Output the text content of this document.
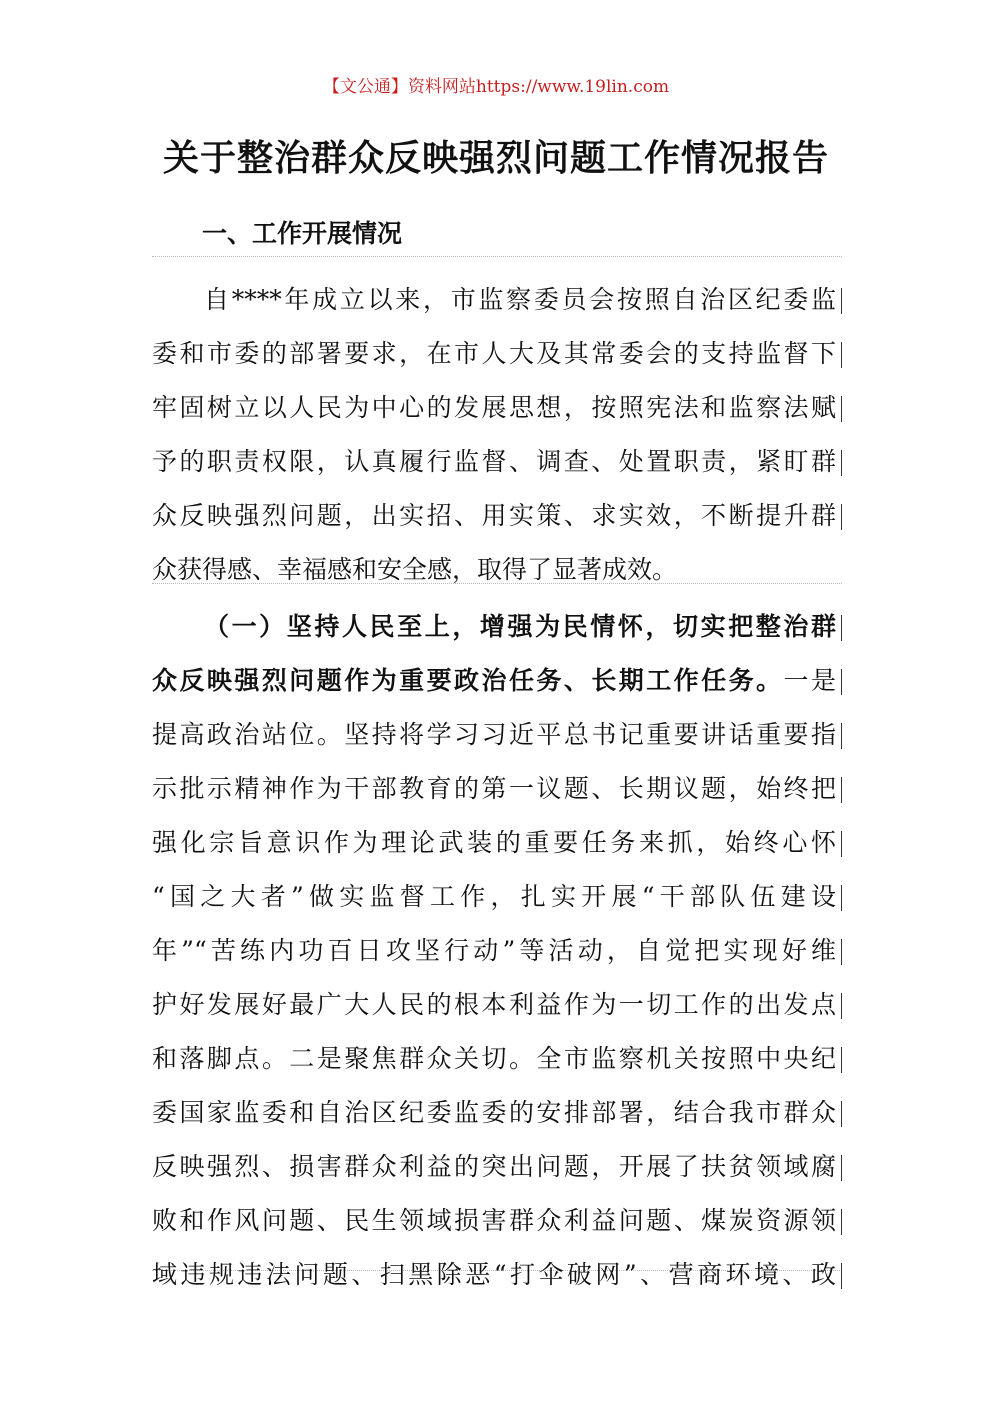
【文公通】资料网站https://www.19lin.com
关于整治群众反映强烈问题工作情况报告
一、工作开展情况
自****年成立以来，市监察委员会按照自治区纪委监
委和市委的部署要求，在市人大及其常委会的支持监督下
牢固树立以人民为中心的发展思想，按照宪法和监察法赋
予的职责权限，认真履行监督、调查、处置职责，紧盯群
众反映强烈问题，出实招、用实策、求实效，不断提升群
众获得感、幸福感和安全感，取得了显著成效。
（一）坚持人民至上，增强为民情怀，切实把整治群
众反映强烈问题作为重要政治任务、长期工作任务。一是
提高政治站位。坚持将学习习近平总书记重要讲话重要指
示批示精神作为干部教育的第一议题、长期议题，始终把
强化宗旨意识作为理论武装的重要任务来抓，始终心怀
“国之大者”做实监督工作，扎实开展“干部队伍建设
年”“苦练内功百日攻坚行动”等活动，自觉把实现好维
护好发展好最广大人民的根本利益作为一切工作的出发点
和落脚点。二是聚焦群众关切。全市监察机关按照中央纪
委国家监委和自治区纪委监委的安排部署，结合我市群众
反映强烈、损害群众利益的突出问题，开展了扶贫领域腐
败和作风问题、民生领域损害群众利益问题、煤炭资源领
域违规违法问题、扫黑除恶“打伞破网”、营商环境、政
